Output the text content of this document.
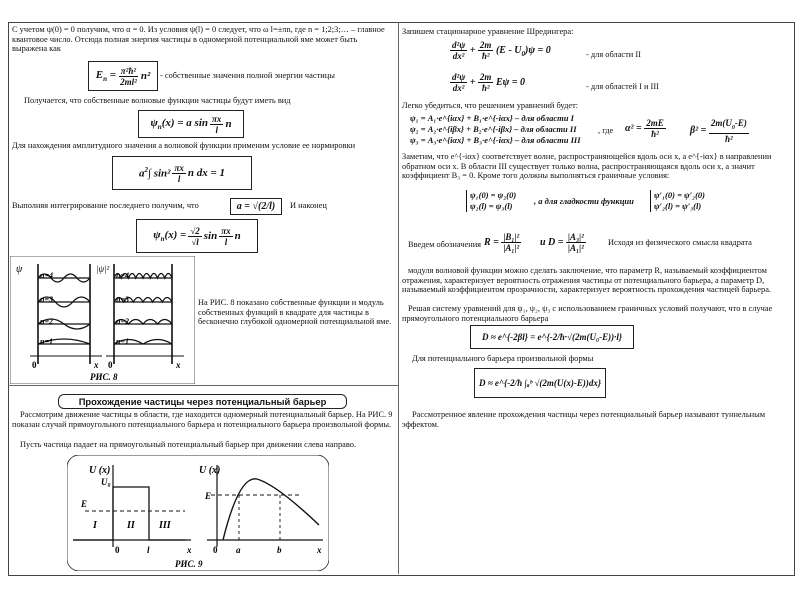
С учетом ψ(0) = 0 получим, что α = 0. Из условия ψ(l) = 0 следует, что ω l=±πn, где n = 1;2;3;… – главное квантовое число. Отсюда полная энергия частицы в одномерной потенциальной яме может быть выражена как
$E_n = \frac{\text{π²ħ²}}{\text{2ml²}} n^2$ - собственные значения полной энергии частицы
Получается, что собственные волновые функции частицы будут иметь вид
$\psi_n(x) = a$ sin πx
l n
Для нахождения амплитудного значения a волновой функции применим условие ее нормировки
$a^2\int$ sin²
πx
l n dx = 1
Выполняя интегрирование последнего получим, что	a = √(2/l) И наконец
$\psi_n(x) = \frac{√2}{√l}$ sin πx
l n
ψ
n=4
n=3
n=2
n=1
0	x
|ψ|²
n=4
n=3
n=2
n=1
0	x
РИС. 8
На РИС. 8 показано собственные функции и модуль собственных функций в квадрате для частицы в бесконечно глубокой одномерной потенциальной яме.
Прохождение частицы через потенциальный барьер
Рассмотрим движение частицы в области, где находится одномерный потенциальный барьер. На РИС. 9 показан случай прямоугольного потенциального барьера и потенциального барьера произвольной формы.
Пусть частица падает на прямоугольный потенциальный барьер при движении слева направо.
U (x)
U₀
E
I	II III
0	l	x
U (x)
E
0 a	b	x
РИС. 9
Запишем стационарное уравнение Шредингера:
$\frac{\text{d²ψ}}{\text{dx²}} + \frac{2m}{\text{ħ²}} (E - U_0)\psi = 0$	- для области II
$\frac{\text{d²ψ}}{\text{dx²}} + \frac{2m}{\text{ħ²}}$ Eψ = 0	- для областей I и III
Легко убедиться, что решением уравнений будет:
ψ₁ = A₁·e^{iαx} + B₁·e^{-iαx} – для области I
ψ₂ = A₂·e^{iβx} + B₂·e^{-iβx} – для области II
ψ₃ = A₃·e^{iαx} + B₃·e^{-iαx} – для области III
, где $\alpha^2 = \frac{2mE}{\text{ħ²}} \beta^2 = \frac{2m(U_0-E)}{\text{ħ²}}$
Заметим, что e^{-iαx} соответствует волне, распространяющейся вдоль оси x, а e^{-iαx} в направлении обратном оси x. В области III существует только волна, распространяющаяся вдоль оси x, а значит коэффициент B₃ = 0. Кроме того должны выполняться граничные условия:
ψ₁(0) = ψ₂(0)
ψ₂(l) = ψ₃(l)	, а для гладкости функции
ψ′₁(0) = ψ′₂(0)
ψ′₂(l) = ψ′₃(l)
Введем обозначения $R = \frac{\text{|B₁|²}}{\text{|A₁|²}}$ и $D = \frac{\text{|A₃|²}}{\text{|A₁|²}}$	Исходя из физического смысла квадрата
модуля волновой функции можно сделать заключение, что параметр R, называемый коэффициентом отражения, характеризует вероятность отражения частицы от потенциального барьера, а параметр D, называемый коэффициентом прозрачности, характеризует вероятность прохождения частицей барьера.
Решая систему уравнений для ψ₁, ψ₂, ψ₃ с использованием граничных условий получают, что в случае прямоугольного потенциального барьера
D ≈ e^{-2βl} = e^{-2/ħ·√(2m(U₀-E))·l}
Для потенциального барьера произвольной формы
D ≈ e^{-2/ħ ∫ₐᵇ √(2m(U(x)-E))dx}
Рассмотренное явление прохождения частицы через потенциальный барьер называют туннельным эффектом.
